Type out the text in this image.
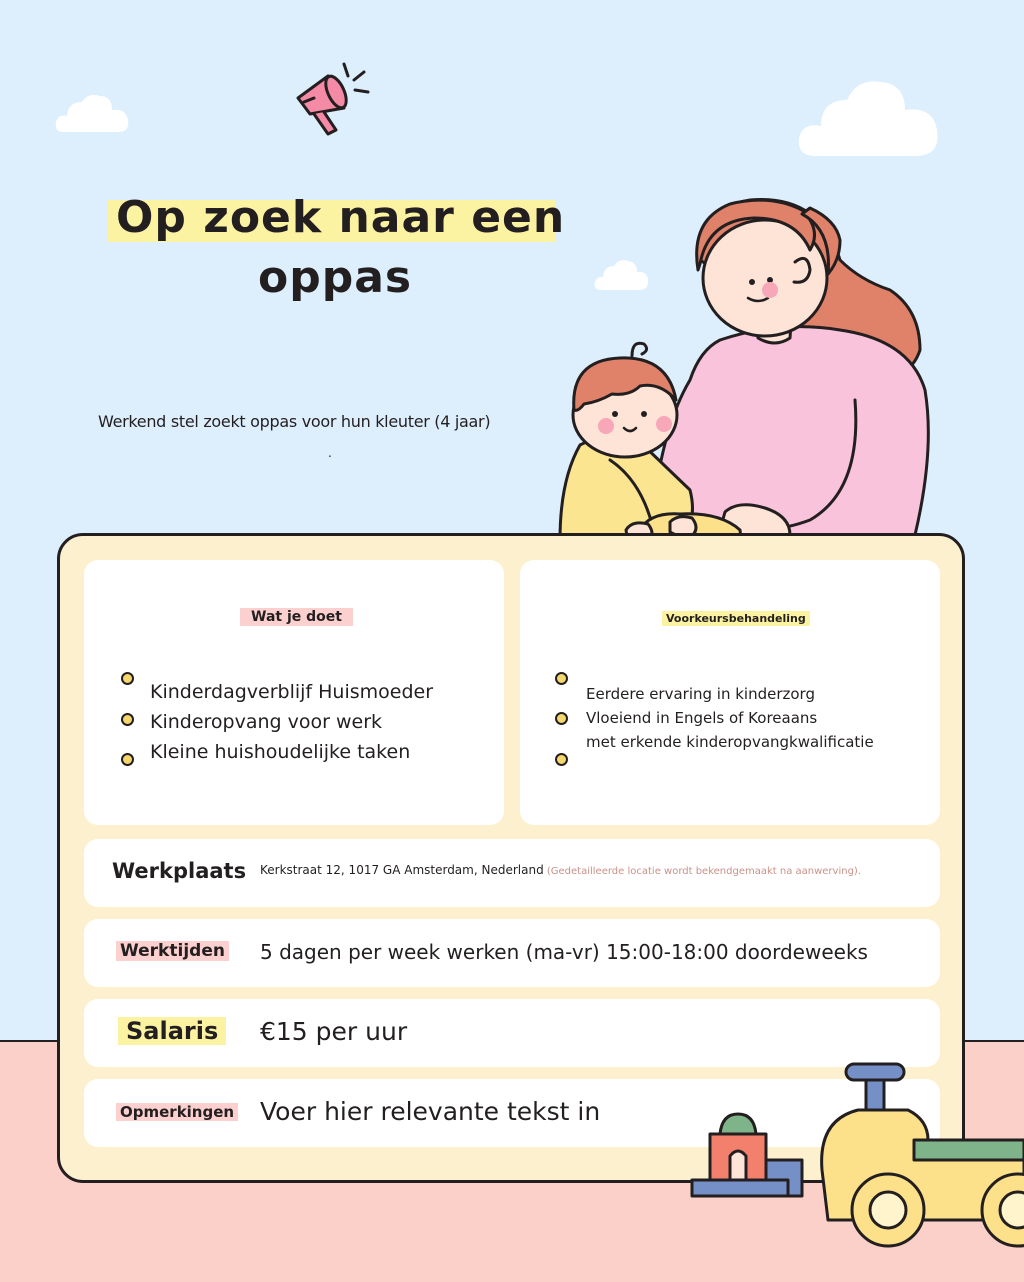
Op zoek naar een
oppas
Werkend stel zoekt oppas voor hun kleuter (4 jaar)
.
Wat je doet
Kinderdagverblijf Huismoeder
Kinderopvang voor werk
Kleine huishoudelijke taken
Voorkeursbehandeling
Eerdere ervaring in kinderzorg
Vloeiend in Engels of Koreaans
met erkende kinderopvangkwalificatie
Werkplaats Kerkstraat 12, 1017 GA Amsterdam, Nederland (Gedetailleerde locatie wordt bekendgemaakt na aanwerving).
Werktijden 5 dagen per week werken (ma-vr) 15:00-18:00 doordeweeks
Salaris	€15 per uur
Opmerkingen Voer hier relevante tekst in
